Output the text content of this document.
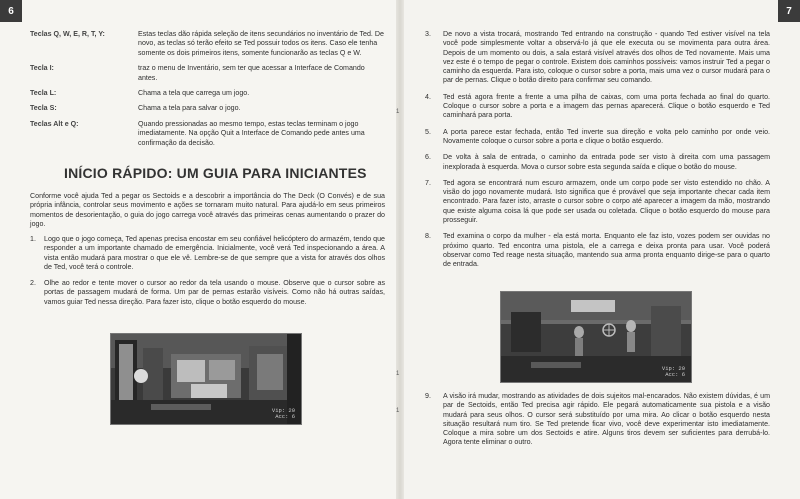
6	7
Teclas Q, W, E, R, T, Y:	Estas teclas dão rápida seleção de itens secundários no inventário de Ted. De novo, as teclas só terão efeito se Ted possuir todos os itens. Caso ele tenha somente os dois primeiros itens, somente funcionarão as teclas Q e W.
Tecla I:	traz o menu de Inventário, sem ter que acessar a Interface de Comando antes.
Tecla L:	Chama a tela que carrega um jogo.
Tecla S:	Chama a tela para salvar o jogo.
Teclas Alt e Q:	Quando pressionadas ao mesmo tempo, estas teclas terminam o jogo imediatamente. Na opção Quit a Interface de Comando pede antes uma confirmação da decisão.
INÍCIO RÁPIDO: UM GUIA PARA INICIANTES
Conforme você ajuda Ted a pegar os Sectoids e a descobrir a importância do The Deck (O Convés) e de sua própria infância, controlar seus movimento e ações se tornaram muito natural. Para ajudá-lo em seus primeiros momentos de desorientação, o guia do jogo carrega você através das primeiras cenas aumentando o prazer do jogo.
1.	Logo que o jogo começa, Ted apenas precisa encostar em seu confiável helicóptero do armazém, tendo que responder a um importante chamado de emergência. Inicialmente, você verá Ted inspecionando a área. A vista então mudará para mostrar o que ele vê. Lembre-se de que sempre que a vista for através dos olhos de Ted, você terá o controle.
2.	Olhe ao redor e tente mover o cursor ao redor da tela usando o mouse. Observe que o cursor sobre as portas de passagem mudará de forma. Um par de pernas estarão visíveis. Como não há outras saídas, vamos guiar Ted nessa direção. Para fazer isto, clique o botão esquerdo do mouse.
Vip: 20
Acc: 6
3.	De novo a vista trocará, mostrando Ted entrando na construção - quando Ted estiver visível na tela você pode simplesmente voltar a observá-lo já que ele executa ou se movimenta para outra área. Depois de um momento ou dois, a sala estará visível através dos olhos de Ted novamente. Mais uma vez este é o tempo de pegar o controle. Existem dois caminhos possíveis: vamos instruir Ted a pegar o caminho da esquerda. Para isto, coloque o cursor sobre a porta, mais uma vez o cursor mudará para o par de pernas. Clique o botão direito para confirmar seu comando.
4.	Ted está agora frente a frente a uma pilha de caixas, com uma porta fechada ao final do quarto. Coloque o cursor sobre a porta e a imagem das pernas aparecerá. Clique o botão esquerdo e Ted caminhará para porta.
5.	A porta parece estar fechada, então Ted inverte sua direção e volta pelo caminho por onde veio. Novamente coloque o cursor sobre a porta e clique o botão esquerdo.
6.	De volta à sala de entrada, o caminho da entrada pode ser visto à direita com uma passagem inexplorada à esquerda. Mova o cursor sobre esta segunda saída e clique o botão do mouse.
7.	Ted agora se encontrará num escuro armazem, onde um corpo pode ser visto estendido no chão. A visão do jogo novamente mudará. Isto significa que é provável que seja importante checar cada item encontrado. Para fazer isto, arraste o cursor sobre o corpo até aparecer a imagem da mão, mostrando que existe alguma coisa lá que pode ser usada ou coletada. Clique o botão esquerdo do mouse para prosseguir.
8.	Ted examina o corpo da mulher - ela está morta. Enquanto ele faz isto, vozes podem ser ouvidas no próximo quarto. Ted encontra uma pistola, ele a carrega e deixa pronta para usar. Você poderá observar como Ted reage nesta situação, mantendo sua arma pronta enquanto dirige-se para o quarto de entrada.
Vip: 20
Acc: 6
9.	A visão irá mudar, mostrando as atividades de dois sujeitos mal-encarados. Não existem dúvidas, é um par de Sectoids, então Ted precisa agir rápido. Ele pegará automaticamente sua pistola e a visão mudará para seus olhos. O cursor será substituído por uma mira. Ao clicar o botão esquerdo nesta situação resultará num tiro. Se Ted pretende ficar vivo, você deve experimentar isto imediatamente. Coloque a mira sobre um dos Sectoids e atire. Alguns tiros devem ser suficientes para derrubá-lo. Agora tente eliminar o outro.
1
1
1
